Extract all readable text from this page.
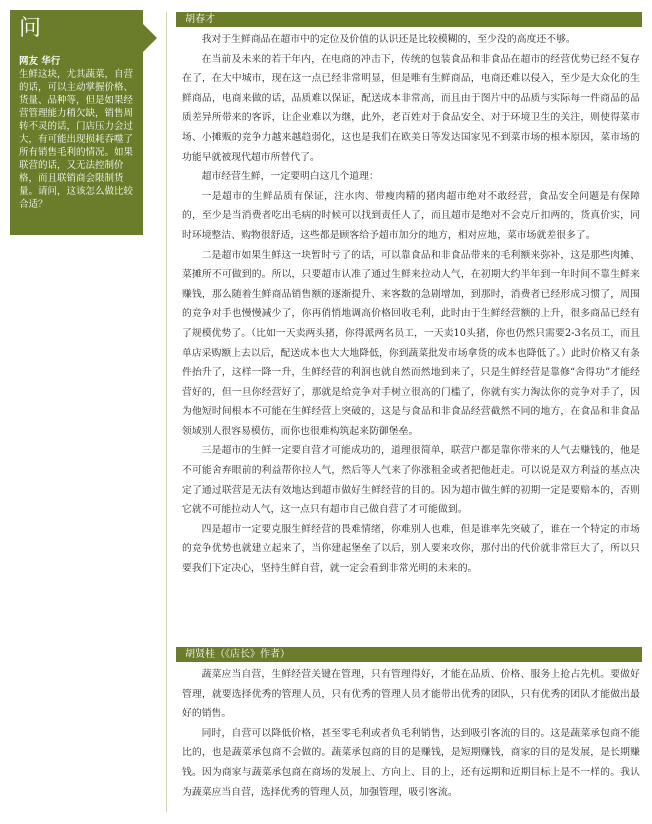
问
网友 华行
生鲜这块，尤其蔬菜，自营的话，可以主动掌握价格、货量、品种等，但是如果经营管理能力稍欠缺，销售周转不灵的话，门店压力会过大，有可能出现损耗吞噬了所有销售毛利的情况。如果联营的话，又无法控制价格，而且联销商会限制货量。请问，这该怎么做比较合适？
胡春才

我对于生鲜商品在超市中的定位及价值的认识还是比较模糊的，至少没的高度还不够。

在当前及未来的若干年内，在电商的冲击下，传统的包装食品和非食品在超市的经营优势已经不复存在了，在大中城市，现在这一点已经非常明显，但是唯有生鲜商品，电商还难以侵入，至少是大众化的生鲜商品，电商来做的话，品质难以保证，配送成本非常高，而且由于图片中的品质与实际每一件商品的品质差异所带来的客诉，让企业难以为继，此外，老百姓对于食品安全、对于环境卫生的关注，则使得菜市场、小摊贩的竞争力越来越趋弱化，这也是我们在欧美日等发达国家见不到菜市场的根本原因，菜市场的功能早就被现代超市所替代了。

超市经营生鲜，一定要明白这几个道理：

一是超市的生鲜品质有保证，注水肉、带瘦肉精的猪肉超市绝对不敢经营，食品安全问题是有保障的，至少是当消费者吃出毛病的时候可以找到责任人了，而且超市是绝对不会克斤扣两的，货真价实，同时环境整洁、购物很舒适，这些都是顾客给予超市加分的地方，相对应地，菜市场就差很多了。

二是超市如果生鲜这一块暂时亏了的话，可以靠食品和非食品带来的毛利额来弥补，这是那些肉摊、菜摊所不可做到的。所以，只要超市认准了通过生鲜来拉动人气，在初期大约半年到一年时间不靠生鲜来赚钱，那么随着生鲜商品销售额的逐渐提升、来客数的急剧增加，到那时，消费者已经形成习惯了，周围的竞争对手也慢慢减少了，你再俏悄地调高价格回收毛利，此时由于生鲜经营额的上升，很多商品已经有了规模优势了。（比如一天卖两头猪，你得派两名员工，一天卖10头猪，你也仍然只需要2-3名员工，而且单店采购额上去以后，配送成本也大大地降低，你到蔬菜批发市场拿货的成本也降低了。）此时价格又有条件抬升了，这样一降一升，生鲜经营的利润也就自然而然地到来了，只是生鲜经营是靠修“舍得功”才能经营好的，但一旦你经营好了，那就是给竞争对手树立很高的门槛了，你就有实力淘汰你的竞争对手了，因为他短时间根本不可能在生鲜经营上突破的，这是与食品和非食品经营截然不同的地方，在食品和非食品领域别人很容易模仿，而你也很难构筑起来防御堡垒。

三是超市的生鲜一定要自营才可能成功的，道理很简单，联营户都是靠你带来的人气去赚钱的，他是不可能舍弃眼前的利益帮你拉人气，然后等人气来了你涨租金或者把他赶走。可以说是双方利益的基点决定了通过联营是无法有效地达到超市做好生鲜经营的目的。因为超市做生鲜的初期一定是要赔本的，否则它就不可能拉动人气，这一点只有超市自己做自营了才可能做到。

四是超市一定要克服生鲜经营的畏难情绪，你难别人也难，但是谁率先突破了，谁在一个特定的市场的竞争优势也就建立起来了，当你建起堡垒了以后，别人要来攻你，那付出的代价就非常巨大了，所以只要我们下定决心，坚持生鲜自营，就一定会看到非常光明的未来的。

胡贤桂（《店长》作者）

蔬菜应当自营，生鲜经营关键在管理，只有管理得好，才能在品质、价格、服务上抢占先机。要做好管理，就要选择优秀的管理人员，只有优秀的管理人员才能带出优秀的团队，只有优秀的团队才能做出最好的销售。

同时，自营可以降低价格，甚至零毛利或者负毛利销售，达到吸引客流的目的。这是蔬菜承包商不能比的，也是蔬菜承包商不会做的。蔬菜承包商的目的是赚钱，是短期赚钱，商家的目的是发展，是长期赚钱。因为商家与蔬菜承包商在商场的发展上、方向上、目的上，还有远期和近期目标上是不一样的。我认为蔬菜应当自营，选择优秀的管理人员，加强管理，吸引客流。
